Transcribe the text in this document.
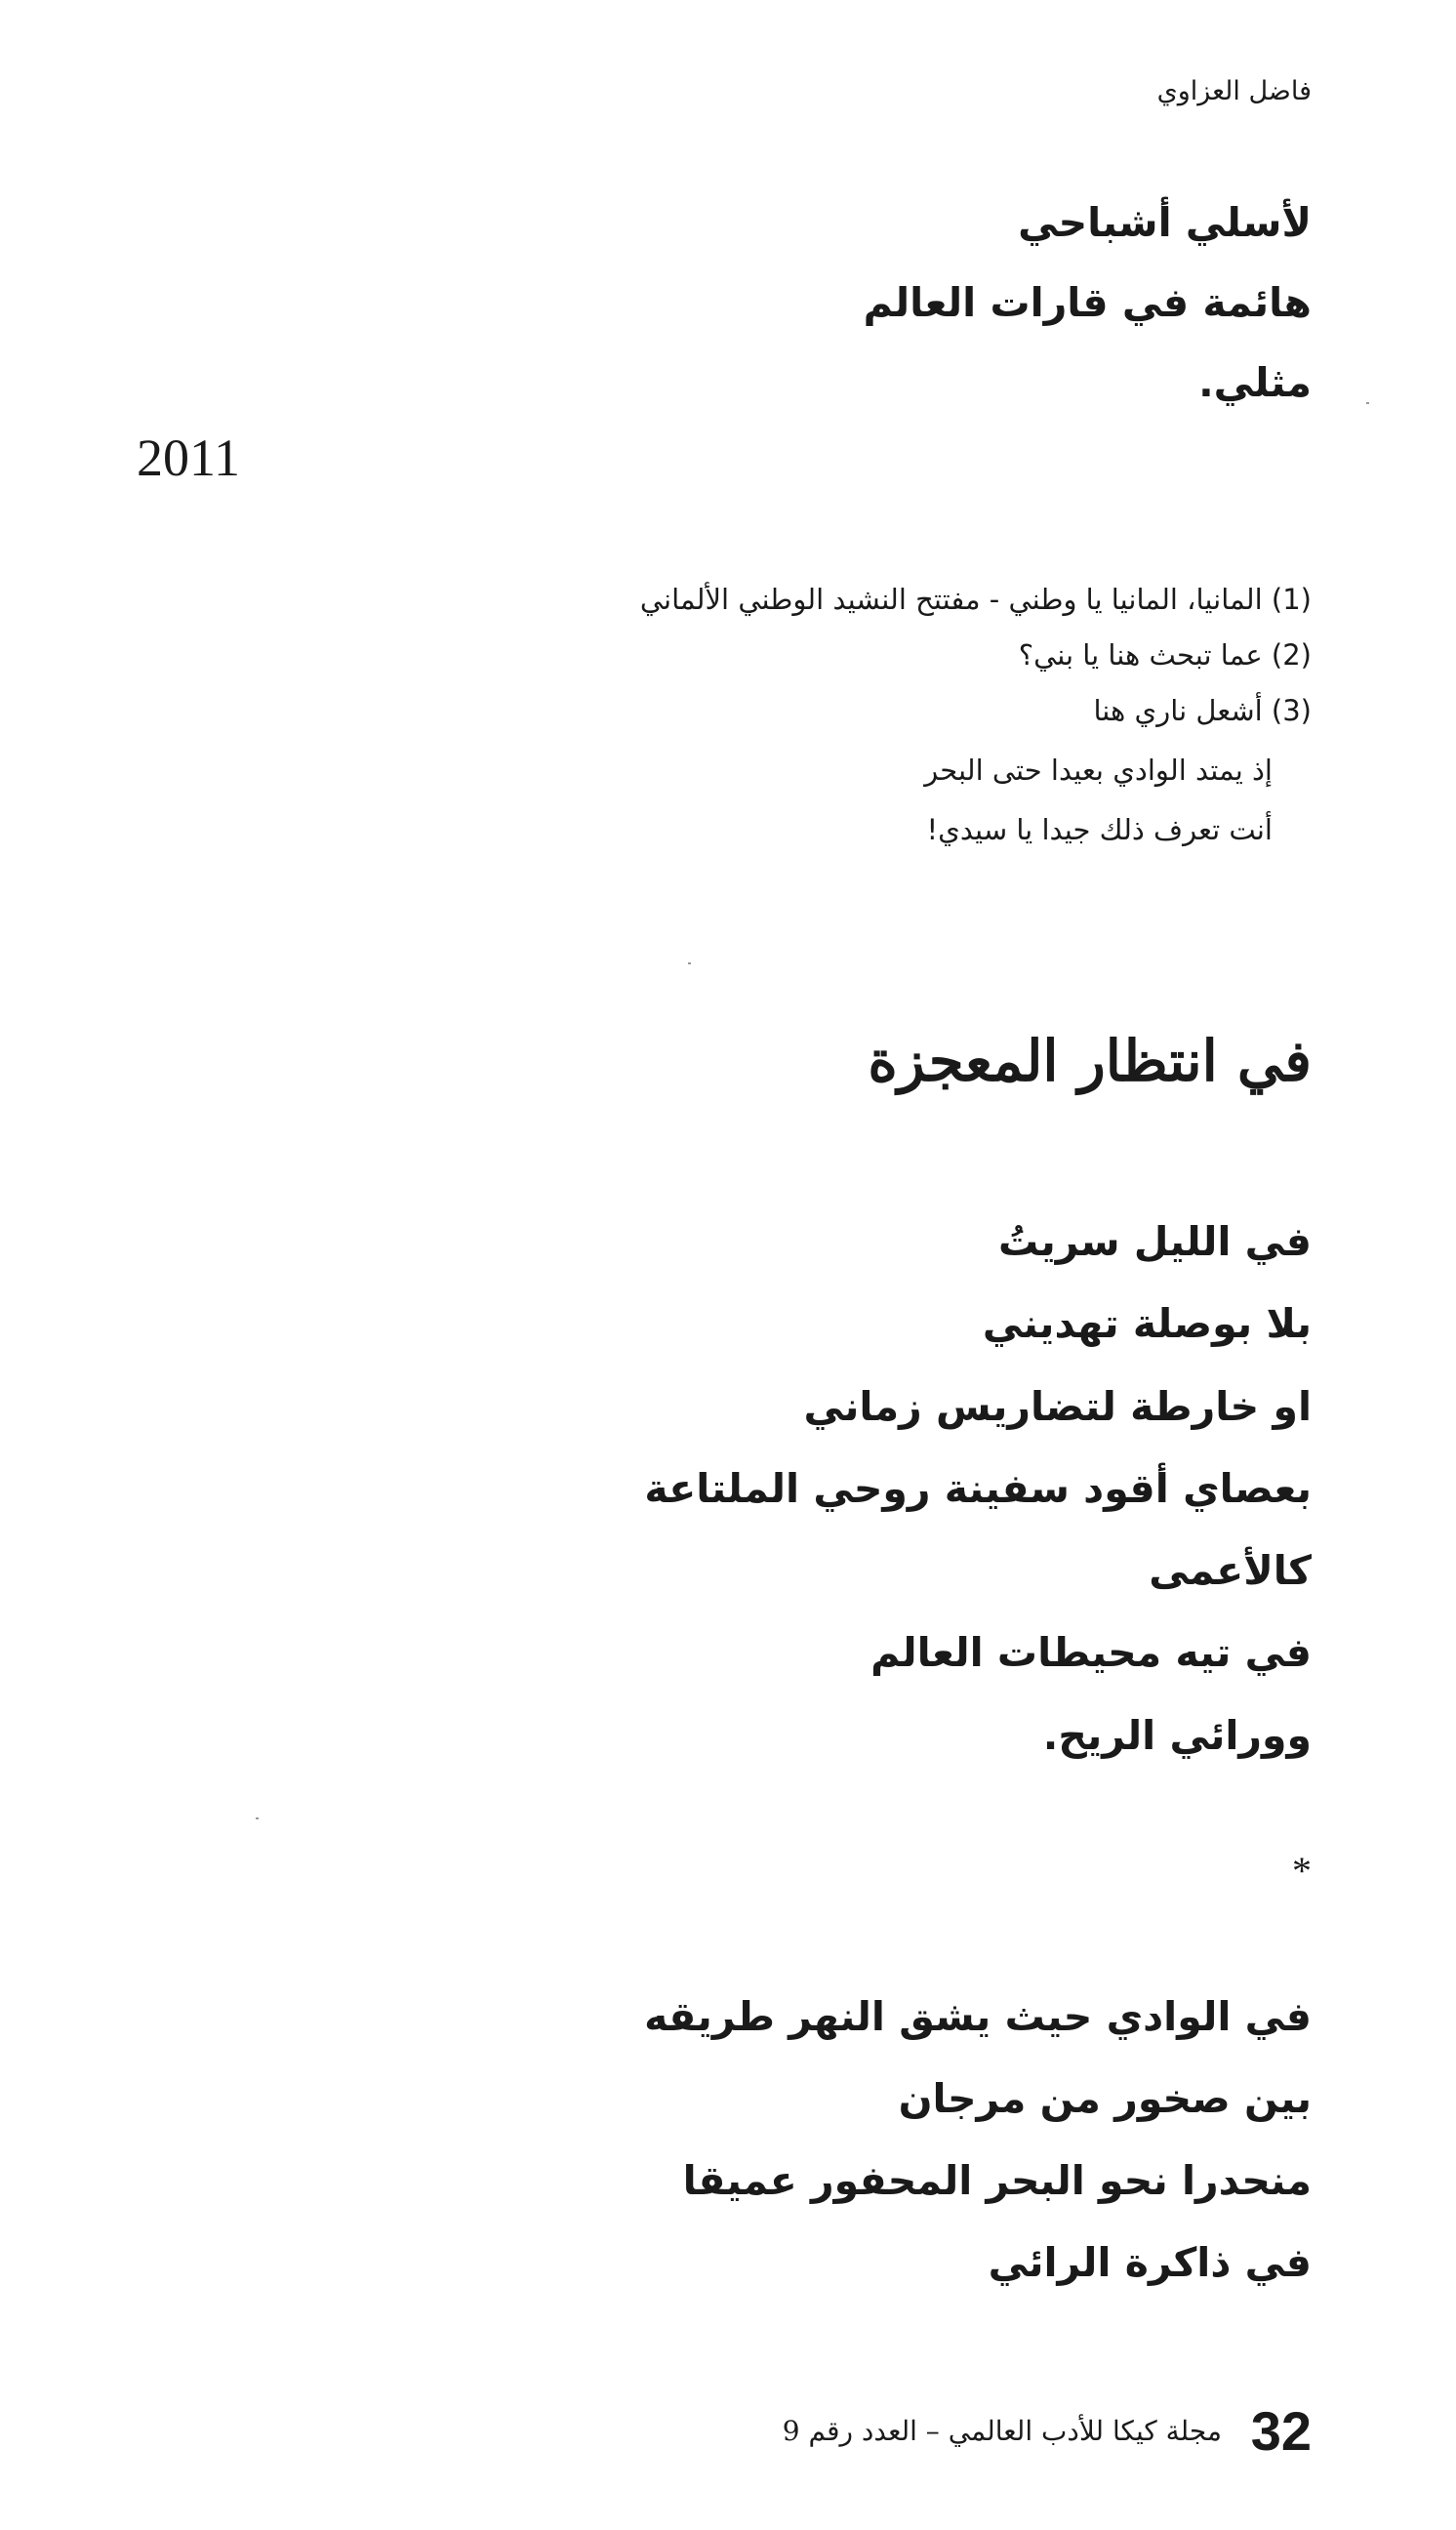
فاضل العزاوي
لأسلي أشباحي
هائمة في قارات العالم
مثلي.
2011
(1) المانيا، المانيا يا وطني - مفتتح النشيد الوطني الألماني
(2) عما تبحث هنا يا بني؟
(3) أشعل ناري هنا
إذ يمتد الوادي بعيدا حتى البحر
أنت تعرف ذلك جيدا يا سيدي!
في انتظار المعجزة
في الليل سريتُ
بلا بوصلة تهديني
او خارطة لتضاريس زماني
بعصاي أقود سفينة روحي الملتاعة
كالأعمى
في تيه محيطات العالم
وورائي الريح.
*
في الوادي حيث يشق النهر طريقه
بين صخور من مرجان
منحدرا نحو البحر المحفور عميقا
في ذاكرة الرائي
32
مجلة كيكا للأدب العالمي – العدد رقم 9
